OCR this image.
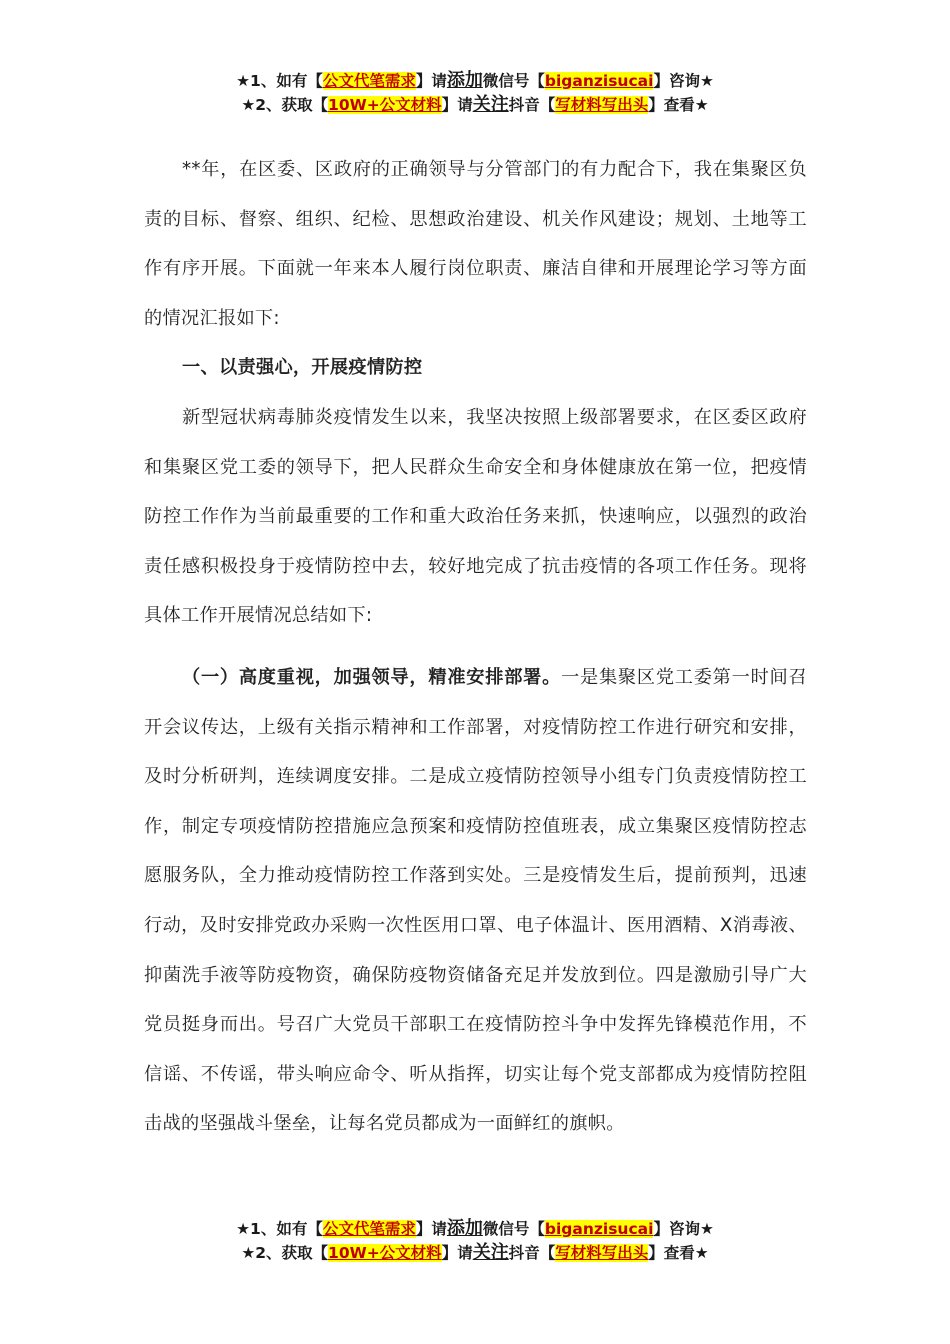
★1、如有【公文代笔需求】请添加微信号【biganzisucai】咨询★
★2、获取【10W+公文材料】请关注抖音【写材料写出头】查看★

**年，在区委、区政府的正确领导与分管部门的有力配合下，我在集聚区负责的目标、督察、组织、纪检、思想政治建设、机关作风建设；规划、土地等工作有序开展。下面就一年来本人履行岗位职责、廉洁自律和开展理论学习等方面的情况汇报如下:

一、以责强心，开展疫情防控

新型冠状病毒肺炎疫情发生以来，我坚决按照上级部署要求，在区委区政府和集聚区党工委的领导下，把人民群众生命安全和身体健康放在第一位，把疫情防控工作作为当前最重要的工作和重大政治任务来抓，快速响应，以强烈的政治责任感积极投身于疫情防控中去，较好地完成了抗击疫情的各项工作任务。现将具体工作开展情况总结如下:

（一）高度重视，加强领导，精准安排部署。一是集聚区党工委第一时间召开会议传达，上级有关指示精神和工作部署，对疫情防控工作进行研究和安排，及时分析研判，连续调度安排。二是成立疫情防控领导小组专门负责疫情防控工作，制定专项疫情防控措施应急预案和疫情防控值班表，成立集聚区疫情防控志愿服务队，全力推动疫情防控工作落到实处。三是疫情发生后，提前预判，迅速行动，及时安排党政办采购一次性医用口罩、电子体温计、医用酒精、X消毒液、抑菌洗手液等防疫物资，确保防疫物资储备充足并发放到位。四是激励引导广大党员挺身而出。号召广大党员干部职工在疫情防控斗争中发挥先锋模范作用，不信谣、不传谣，带头响应命令、听从指挥，切实让每个党支部都成为疫情防控阻击战的坚强战斗堡垒，让每名党员都成为一面鲜红的旗帜。

★1、如有【公文代笔需求】请添加微信号【biganzisucai】咨询★
★2、获取【10W+公文材料】请关注抖音【写材料写出头】查看★
